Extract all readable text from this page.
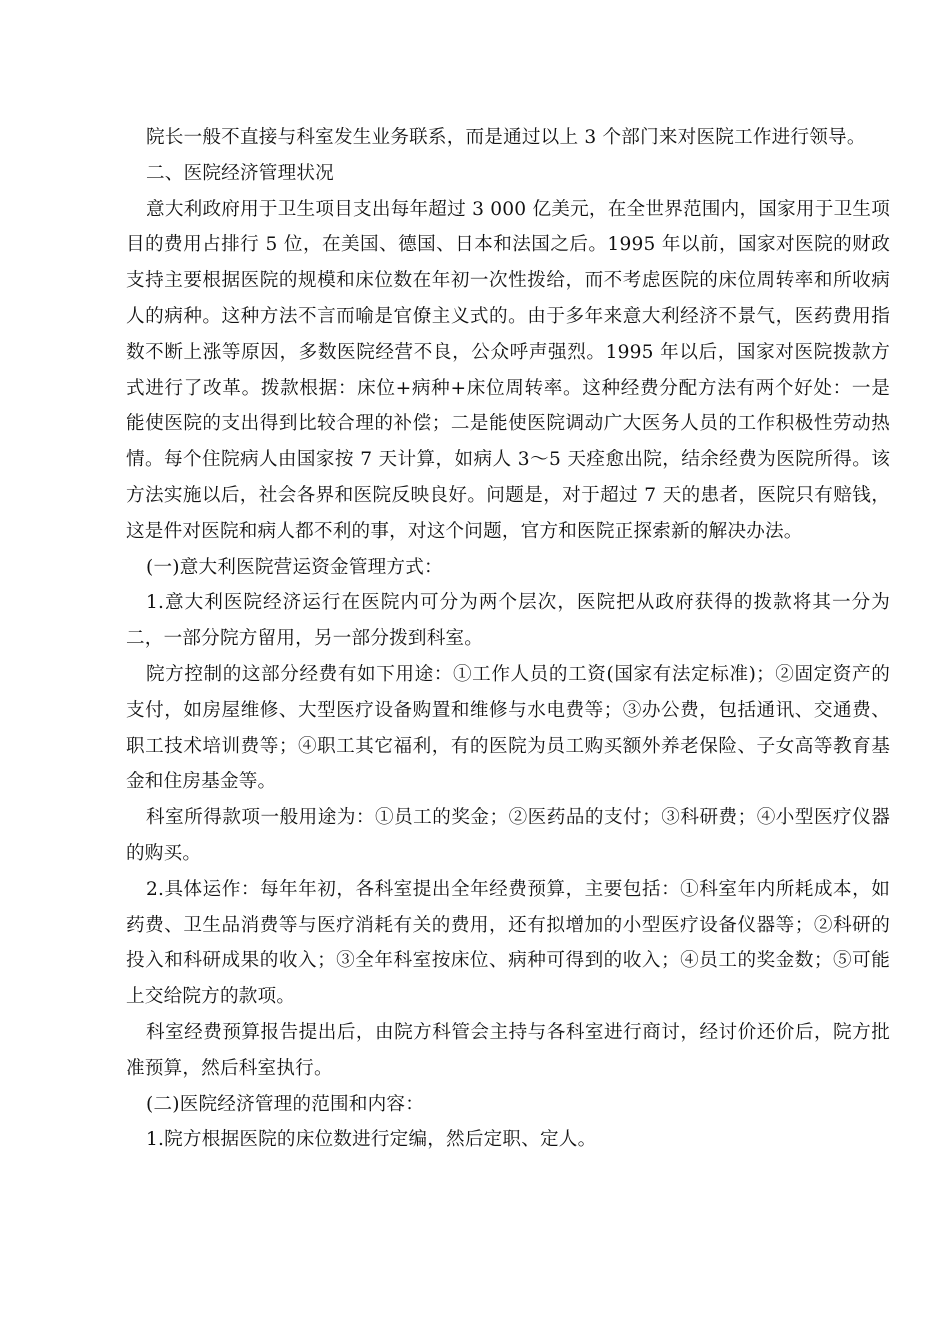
院长一般不直接与科室发生业务联系，而是通过以上 3 个部门来对医院工作进行领导。

二、医院经济管理状况

意大利政府用于卫生项目支出每年超过 3 000 亿美元，在全世界范围内，国家用于卫生项目的费用占排行 5 位，在美国、德国、日本和法国之后。1995 年以前，国家对医院的财政支持主要根据医院的规模和床位数在年初一次性拨给，而不考虑医院的床位周转率和所收病人的病种。这种方法不言而喻是官僚主义式的。由于多年来意大利经济不景气，医药费用指数不断上涨等原因，多数医院经营不良，公众呼声强烈。1995 年以后，国家对医院拨款方式进行了改革。拨款根据：床位+病种+床位周转率。这种经费分配方法有两个好处：一是能使医院的支出得到比较合理的补偿；二是能使医院调动广大医务人员的工作积极性劳动热情。每个住院病人由国家按 7 天计算，如病人 3～5 天痊愈出院，结余经费为医院所得。该方法实施以后，社会各界和医院反映良好。问题是，对于超过 7 天的患者，医院只有赔钱，这是件对医院和病人都不利的事，对这个问题，官方和医院正探索新的解决办法。

(一)意大利医院营运资金管理方式：

1.意大利医院经济运行在医院内可分为两个层次，医院把从政府获得的拨款将其一分为二，一部分院方留用，另一部分拨到科室。

院方控制的这部分经费有如下用途：①工作人员的工资(国家有法定标准)；②固定资产的支付，如房屋维修、大型医疗设备购置和维修与水电费等；③办公费，包括通讯、交通费、职工技术培训费等；④职工其它福利，有的医院为员工购买额外养老保险、子女高等教育基金和住房基金等。

科室所得款项一般用途为：①员工的奖金；②医药品的支付；③科研费；④小型医疗仪器的购买。

2.具体运作：每年年初，各科室提出全年经费预算，主要包括：①科室年内所耗成本，如药费、卫生品消费等与医疗消耗有关的费用，还有拟增加的小型医疗设备仪器等；②科研的投入和科研成果的收入；③全年科室按床位、病种可得到的收入；④员工的奖金数；⑤可能上交给院方的款项。

科室经费预算报告提出后，由院方科管会主持与各科室进行商讨，经讨价还价后，院方批准预算，然后科室执行。

(二)医院经济管理的范围和内容：

1.院方根据医院的床位数进行定编，然后定职、定人。
